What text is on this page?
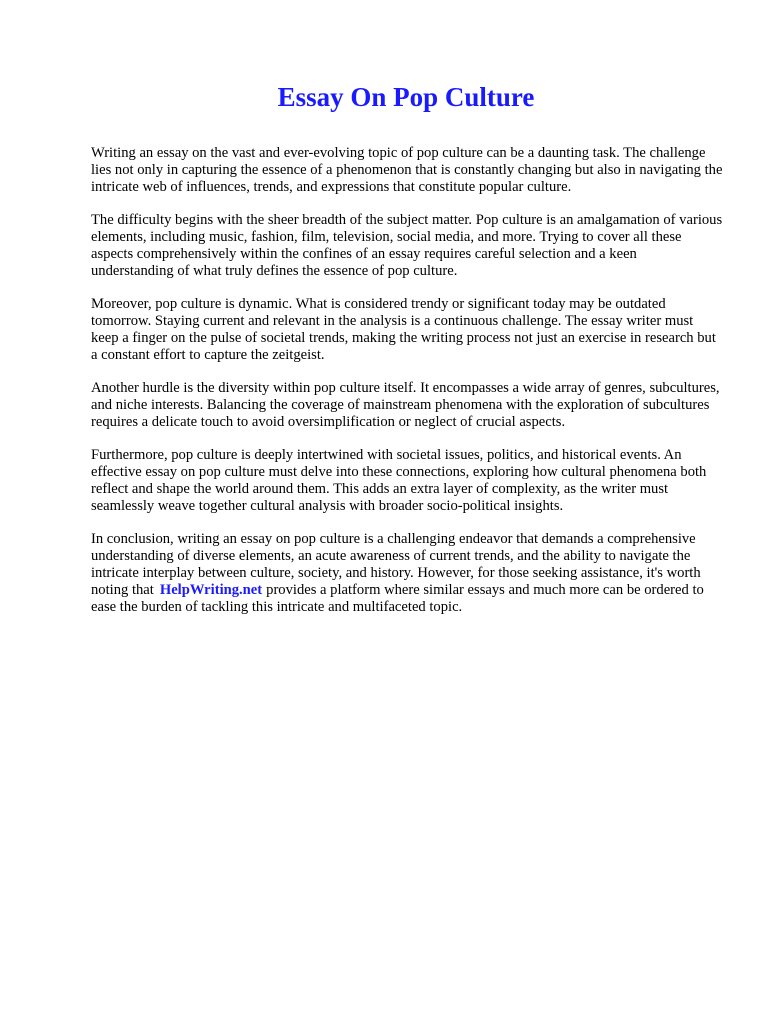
Essay On Pop Culture

Writing an essay on the vast and ever-evolving topic of pop culture can be a daunting task. The challenge lies not only in capturing the essence of a phenomenon that is constantly changing but also in navigating the intricate web of influences, trends, and expressions that constitute popular culture.

The difficulty begins with the sheer breadth of the subject matter. Pop culture is an amalgamation of various elements, including music, fashion, film, television, social media, and more. Trying to cover all these aspects comprehensively within the confines of an essay requires careful selection and a keen understanding of what truly defines the essence of pop culture.

Moreover, pop culture is dynamic. What is considered trendy or significant today may be outdated tomorrow. Staying current and relevant in the analysis is a continuous challenge. The essay writer must keep a finger on the pulse of societal trends, making the writing process not just an exercise in research but a constant effort to capture the zeitgeist.

Another hurdle is the diversity within pop culture itself. It encompasses a wide array of genres, subcultures, and niche interests. Balancing the coverage of mainstream phenomena with the exploration of subcultures requires a delicate touch to avoid oversimplification or neglect of crucial aspects.

Furthermore, pop culture is deeply intertwined with societal issues, politics, and historical events. An effective essay on pop culture must delve into these connections, exploring how cultural phenomena both reflect and shape the world around them. This adds an extra layer of complexity, as the writer must seamlessly weave together cultural analysis with broader socio-political insights.

In conclusion, writing an essay on pop culture is a challenging endeavor that demands a comprehensive understanding of diverse elements, an acute awareness of current trends, and the ability to navigate the intricate interplay between culture, society, and history. However, for those seeking assistance, it's worth noting that HelpWriting.net provides a platform where similar essays and much more can be ordered to ease the burden of tackling this intricate and multifaceted topic.
